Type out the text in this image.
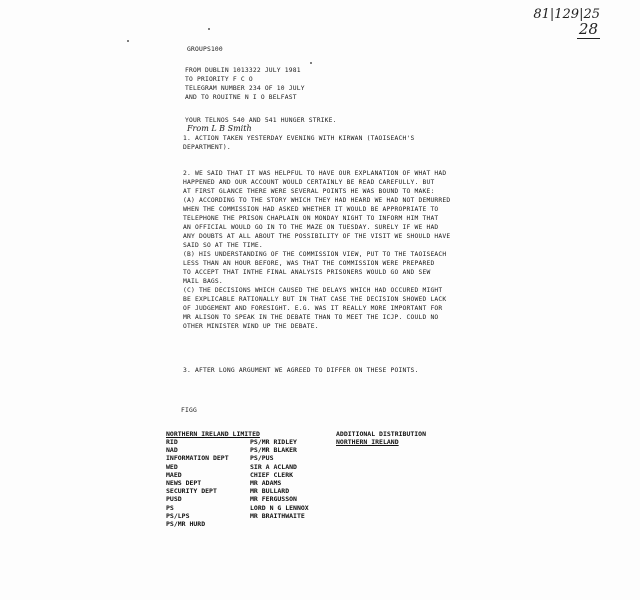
81|129|25
28
GROUPS100
FROM DUBLIN 1013322 JULY 1981
TO PRIORITY F C O
TELEGRAM NUMBER 234 OF 10 JULY
AND TO ROUITNE N I O BELFAST
YOUR TELNOS 540 AND 541 HUNGER STRIKE.
From L B Smith
1. ACTION TAKEN YESTERDAY EVENING WITH KIRWAN (TAOISEACH'S
DEPARTMENT).
2. WE SAID THAT IT WAS HELPFUL TO HAVE OUR EXPLANATION OF WHAT HAD
HAPPENED AND OUR ACCOUNT WOULD CERTAINLY BE READ CAREFULLY. BUT
AT FIRST GLANCE THERE WERE SEVERAL POINTS HE WAS BOUND TO MAKE:
(A) ACCORDING TO THE STORY WHICH THEY HAD HEARD WE HAD NOT DEMURRED
WHEN THE COMMISSION HAD ASKED WHETHER IT WOULD BE APPROPRIATE TO
TELEPHONE THE PRISON CHAPLAIN ON MONDAY NIGHT TO INFORM HIM THAT
AN OFFICIAL WOULD GO IN TO THE MAZE ON TUESDAY. SURELY IF WE HAD
ANY DOUBTS AT ALL ABOUT THE POSSIBILITY OF THE VISIT WE SHOULD HAVE
SAID SO AT THE TIME.
(B) HIS UNDERSTANDING OF THE COMMISSION VIEW, PUT TO THE TAOISEACH
LESS THAN AN HOUR BEFORE, WAS THAT THE COMMISSION WERE PREPARED
TO ACCEPT THAT INTHE FINAL ANALYSIS PRISONERS WOULD GO AND SEW
MAIL BAGS.
(C) THE DECISIONS WHICH CAUSED THE DELAYS WHICH HAD OCCURED MIGHT
BE EXPLICABLE RATIONALLY BUT IN THAT CASE THE DECISION SHOWED LACK
OF JUDGEMENT AND FORESIGHT. E.G. WAS IT REALLY MORE IMPORTANT FOR
MR ALISON TO SPEAK IN THE DEBATE THAN TO MEET THE ICJP. COULD NO
OTHER MINISTER WIND UP THE DEBATE.
3. AFTER LONG ARGUMENT WE AGREED TO DIFFER ON THESE POINTS.
FIGG
NORTHERN IRELAND LIMITED
RID
NAD
INFORMATION DEPT
WED
MAED
NEWS DEPT
SECURITY DEPT
PUSD
PS
PS/LPS
PS/MR HURD
PS/MR RIDLEY
PS/MR BLAKER
PS/PUS
SIR A ACLAND
CHIEF CLERK
MR ADAMS
MR BULLARD
MR FERGUSSON
LORD N G LENNOX
MR BRAITHWAITE
ADDITIONAL DISTRIBUTION
NORTHERN IRELAND
